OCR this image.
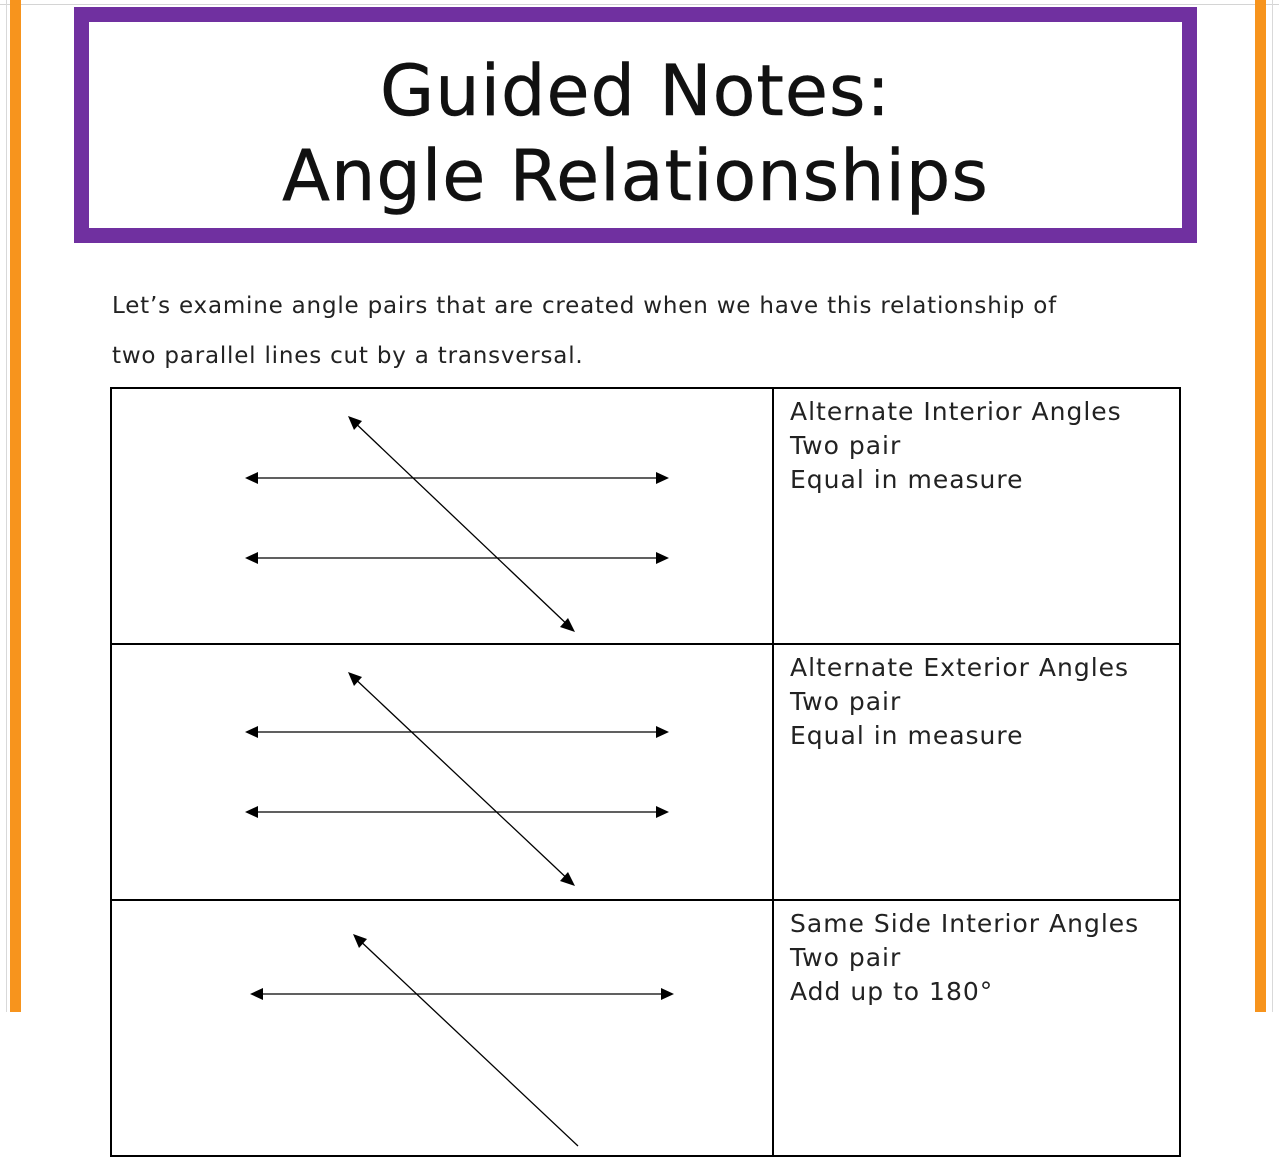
Guided Notes:
Angle Relationships

Let’s examine angle pairs that are created when we have this relationship of
two parallel lines cut by a transversal.

Alternate Interior Angles
Two pair
Equal in measure

Alternate Exterior Angles
Two pair
Equal in measure

Same Side Interior Angles
Two pair
Add up to 180°
